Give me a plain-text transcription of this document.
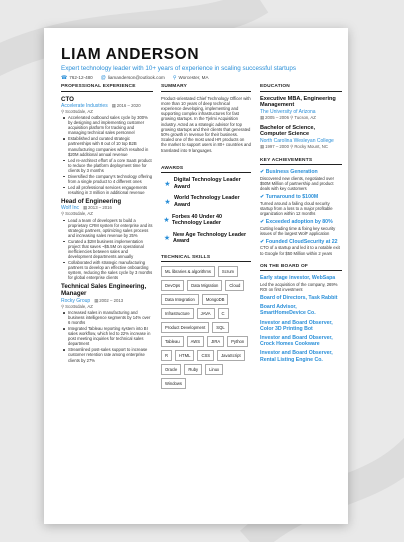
LIAM ANDERSON
Expert technology leader with 10+ years of experience in scaling successful startups
☎ 762-12-480 @ liamanderson@outlook.com ⚲ Worcester, MA
PROFESSIONAL EXPERIENCE
CTO
Accelerate Industries ▦2016 – 2020
⚲Scottsdale, AZ
Accelerated outbound sales cycle by 300% by designing and implementing customer acquisition platform for tracking and managing technical sales personnel
Established and curated strategic partnerships with 8 out of 10 top B2B manufacturing companies which resulted in $20M additional annual revenue
Led re-architect effort of a core SaaS product to reduce the platform deployment time for clients by 3 months
Diversified the company's technology offering from a single product to 4 different ones
Led all professional services engagements resulting in 3 million in additional revenue
Head of Engineering
Wolf Inc ▦2013 – 2016
⚲Scottsdale, AZ
Lead a team of developers to build a proprietary CRM system for enterprise and its strategic partners, optimizing sales process and increasing sales revenue by 25%
Curated a $2M business implementation project that saves ~$5.5M on operational inefficiencies between sales and development departments annually
Collaborated with strategic manufacturing partners to develop an effective onboarding system, reducing the sales cycle by 3 months for global enterprise clients
Technical Sales Engineering, Manager
Rocky Group ▦2002 – 2013
⚲Scottsdale, AZ
Increased sales in manufacturing and business intelligence segments by 14% over 6 months
Integrated Tableau reporting system into BI sales workflow, which led to 22% increase in post meeting inquiries for technical sales department
Streamlined post-sales support to increase customer retention rate among enterprise clients by 27%
SUMMARY
Product-orientated Chief Technology Officer with more than 10 years of deep technical experience developing, implementing and supporting complex infrastructures for fast growing startups. In the Tjelmi Acquisition industry. Acted as a strategic advisor for top growing startups and their clients that generated 50% growth in revenue for their business. Scaled one of the most used HR products on the market to support users in 80+ countries and translated into 9 languages.
AWARDS
★
Digital Technology Leader Award
★
World Technology Leader Award
★
Forbes 40 Under 40 Technology Leader
★
New Age Technology Leader Award
TECHNICAL SKILLS
ML libraries & algorithms	Scrum
DevOps	Data Migration	Cloud
Data Integration	MongoDB
Infrastructure	JAVA	C
Product Development	SQL
Tableau	AWS	JIRA	Python
R	HTML	CSS	JavaScript
Oracle	Ruby	Linux
Windows
EDUCATION
Executive MBA, Engineering Management
The University of Arizona
▦2005 – 2006 ⚲Tucson, AZ
Bachelor of Science, Computer Science
North Carolina Wesleyan College
▦1997 – 2000 ⚲Rocky Mount, NC
KEY ACHIEVEMENTS
✔ Business Generation
Discovered new clients, negotiated over $50M Million of partnership and product deals with key customers
✔ Turnaround to $100M
Turned around a failing cloud security startup from a loss to a major profitable organization within 12 months
✔ Exceeded adoption by 80%
Cutting leading time & fixing key security issues of the largest WolF application
✔ Founded CloudSecurity at 22
CTO of a startup and led it to a notable exit to Google for $50 Million within 2 years
ON THE BOARD OF
Early stage investor, WebSapa
Led the acquisition of the company, 269% ROI on first investment
Board of Directors, Task Rabbit
Board Advisor, SmartHomeDevice Co.
Investor and Board Observer, Color 3D Printing Bot
Investor and Board Observer, Crock Homes Cookware
Investor and Board Observer, Rental Listing Engine Co.
